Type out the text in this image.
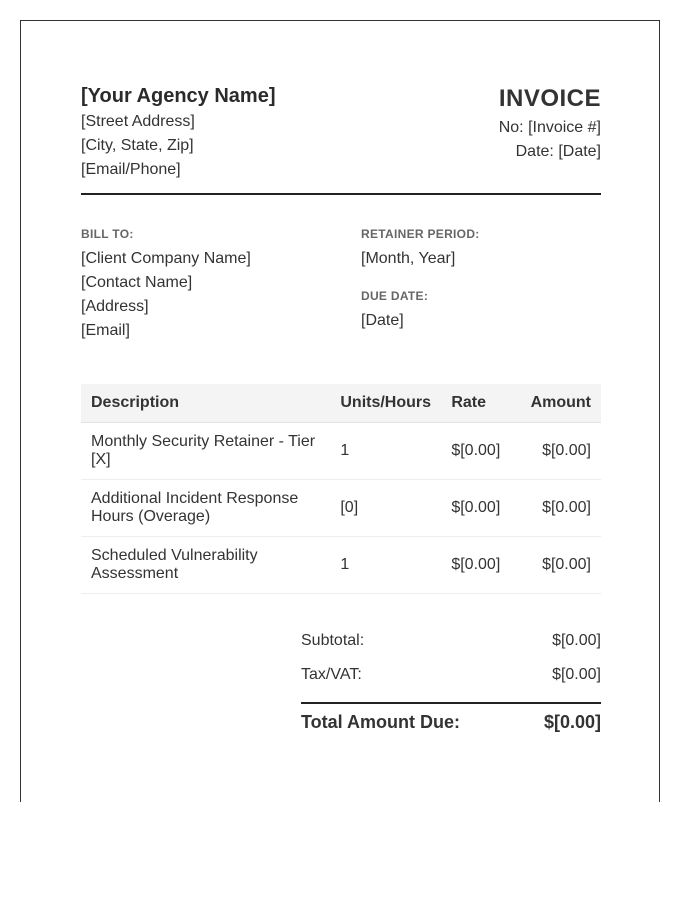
[Your Agency Name]
[Street Address]
[City, State, Zip]
[Email/Phone]
INVOICE
No: [Invoice #]
Date: [Date]
BILL TO:
[Client Company Name]
[Contact Name]
[Address]
[Email]
RETAINER PERIOD:
[Month, Year]
DUE DATE:
[Date]
Description	Units/Hours	Rate	Amount
Monthly Security Retainer - Tier [X]	1	$[0.00]	$[0.00]
Additional Incident Response Hours (Overage)	[0]	$[0.00]	$[0.00]
Scheduled Vulnerability Assessment	1	$[0.00]	$[0.00]
Subtotal:	$[0.00]
Tax/VAT:	$[0.00]
Total Amount Due:	$[0.00]
